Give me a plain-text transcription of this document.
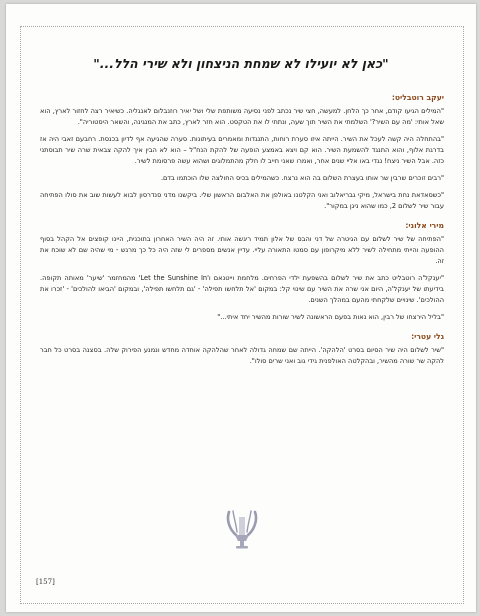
"כאן לא יועילו לא שמחת הניצחון ולא שירי הלל..."
יעקב רוטבליט:

"המילים הגיעו קודם, אחר כך הלחן. למעשה, חצי שיר נכתב לפני נסיעה משותפת שלי ושל יאיר רוזנבלום לאנגליה. כשיאיר רצה לחזור לארץ, הוא שאל אותי: 'מה עם השיר?' השלמתי את השיר תוך שעה, ונתתי לו את הטקסט. הוא חזר לארץ, כתב את המנגינה, והשאר היסטוריה".

"בהתחלה היה קשה לעכל את השיר. הייתה איזו סערת רוחות, התנגדות ומאמרים בעיתונות. סערה שהגיעה אף לדיון בכנסת. רחבעם זאבי היה אז בדרגת אלוף, והוא התנגד להשמעת השיר. הוא קם ויצא באמצע הופעה של להקת הנח"ל – הוא לא הבין איך להקה צבאית שרה שיר תבוסתני כזה. אבל השיר ניצח! נגדי באו אליי שנים אחר, ואמרו שאני חייב לו חלק מהתמלוגים ושהוא עשה פרסומת לשיר.

"רבים זוכרים שרבין שר אותו בעצרת השלום בה הוא נרצח. כשהמילים בכיס החולצה שלו הוכתמו בדם.

"כשסאדאת נחת בישראל, מיקי גבריאלוב ואני הקלטנו באולפן את האלבום הראשון שלי. ביקשנו מדני סנדרסון לבוא לעשות שוב את סולו הפתיחה עבור שיר לשלום 2, כמו שהוא ניגן במקור".

מירי אלוני:

"הפתיחה של שיר לשלום עם הגיטרה של דני והבס של אלון תמיד ריגשה אותי. זה היה השיר האחרון בתוכנית, היינו קופצים אל הקהל בסוף ההופעה והייתי מתחילה לשיר ללא מיקרופון עם סמטו התאורה עליי. עדיין אנשים מספרים לי שזה היה כל כך מרגש - מי שהיה שם לא שוכח את זה.

"יענקל'ה רוטבליט כתב את שיר לשלום בהשפעת ילדי הפרחים. מלחמת וייטנאם ו'Let the Sunshine In' מהמחזמר 'שיער' מאותה תקופה. בידיעתו של יענקל'ה, היום אני שרה את השיר עם שינוי קל: במקום 'אל תלחשו תפילה' - 'גם תלחשו תפילה', ובמקום 'הביאו להולכים' - 'זכרו את ההולכים'. שינויים שלקחתי מהעם במהלך השנים.

"בליל הירצחו של רבין, הוא נאות בפעם הראשונה לשיר שורות מהשיר יחד איתי..."

גלי עטרי:

"שיר לשלום היה שיר הסיום בסרט 'הלהקה'. הייתה שם שמחה גדולה לאחר שהלהקה אוחדה מחדש ונמנע הפירוק שלה. בסצנה בסרט כל חבר להקה שר שורה מהשיר, ובהקלטה האולפנית גידי גוב ואני שרים סולו".

[157]
